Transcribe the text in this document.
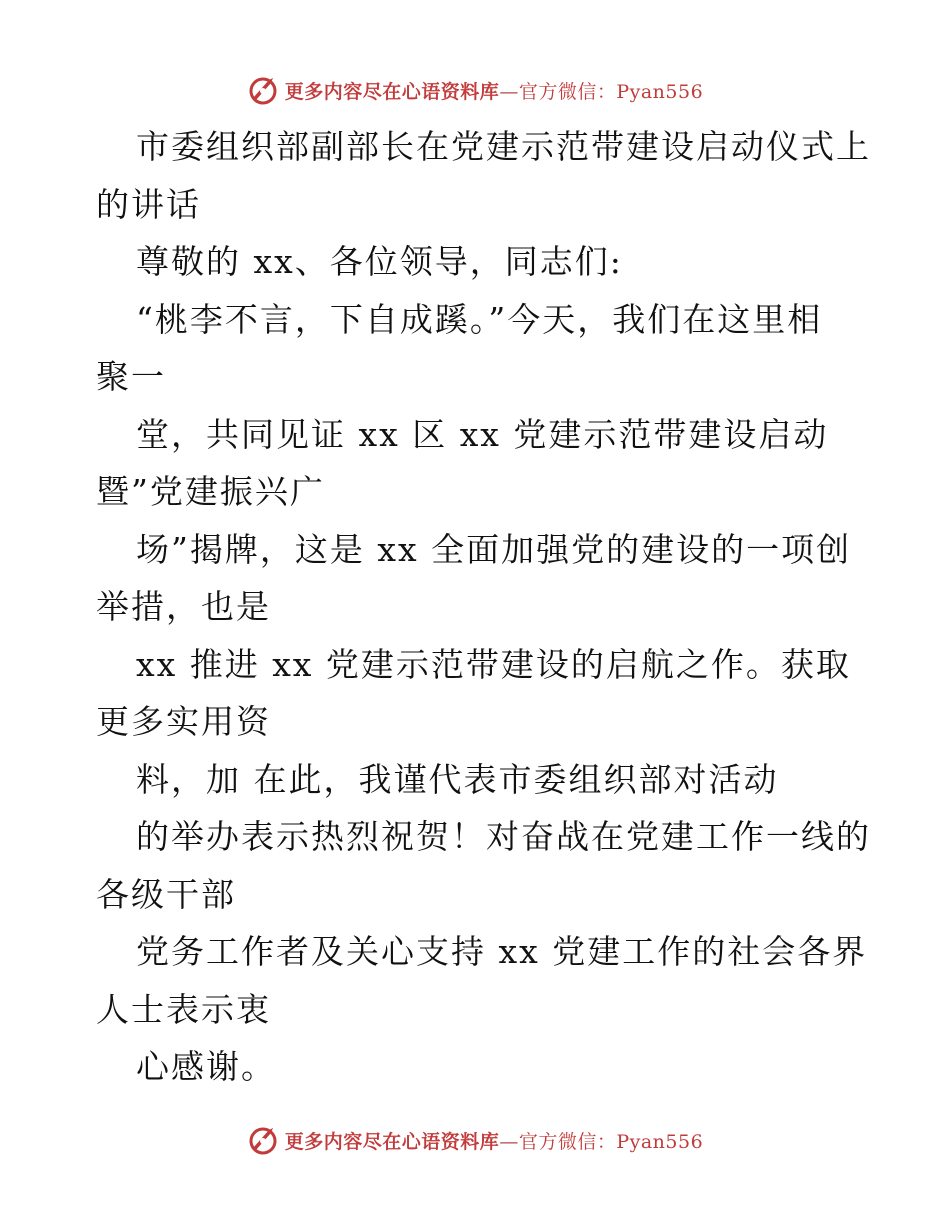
更多内容尽在心语资料库—官方微信：Pyan556
市委组织部副部长在党建示范带建设启动仪式上
的讲话
尊敬的 xx、各位领导，同志们:
“桃李不言，下自成蹊。”今天，我们在这里相
聚一
堂，共同见证 xx 区 xx 党建示范带建设启动
暨”党建振兴广
场”揭牌，这是 xx 全面加强党的建设的一项创
举措，也是
xx 推进 xx 党建示范带建设的启航之作。获取
更多实用资
料，加 在此，我谨代表市委组织部对活动
的举办表示热烈祝贺！对奋战在党建工作一线的
各级干部
党务工作者及关心支持 xx 党建工作的社会各界
人士表示衷
心感谢。
更多内容尽在心语资料库—官方微信：Pyan556
